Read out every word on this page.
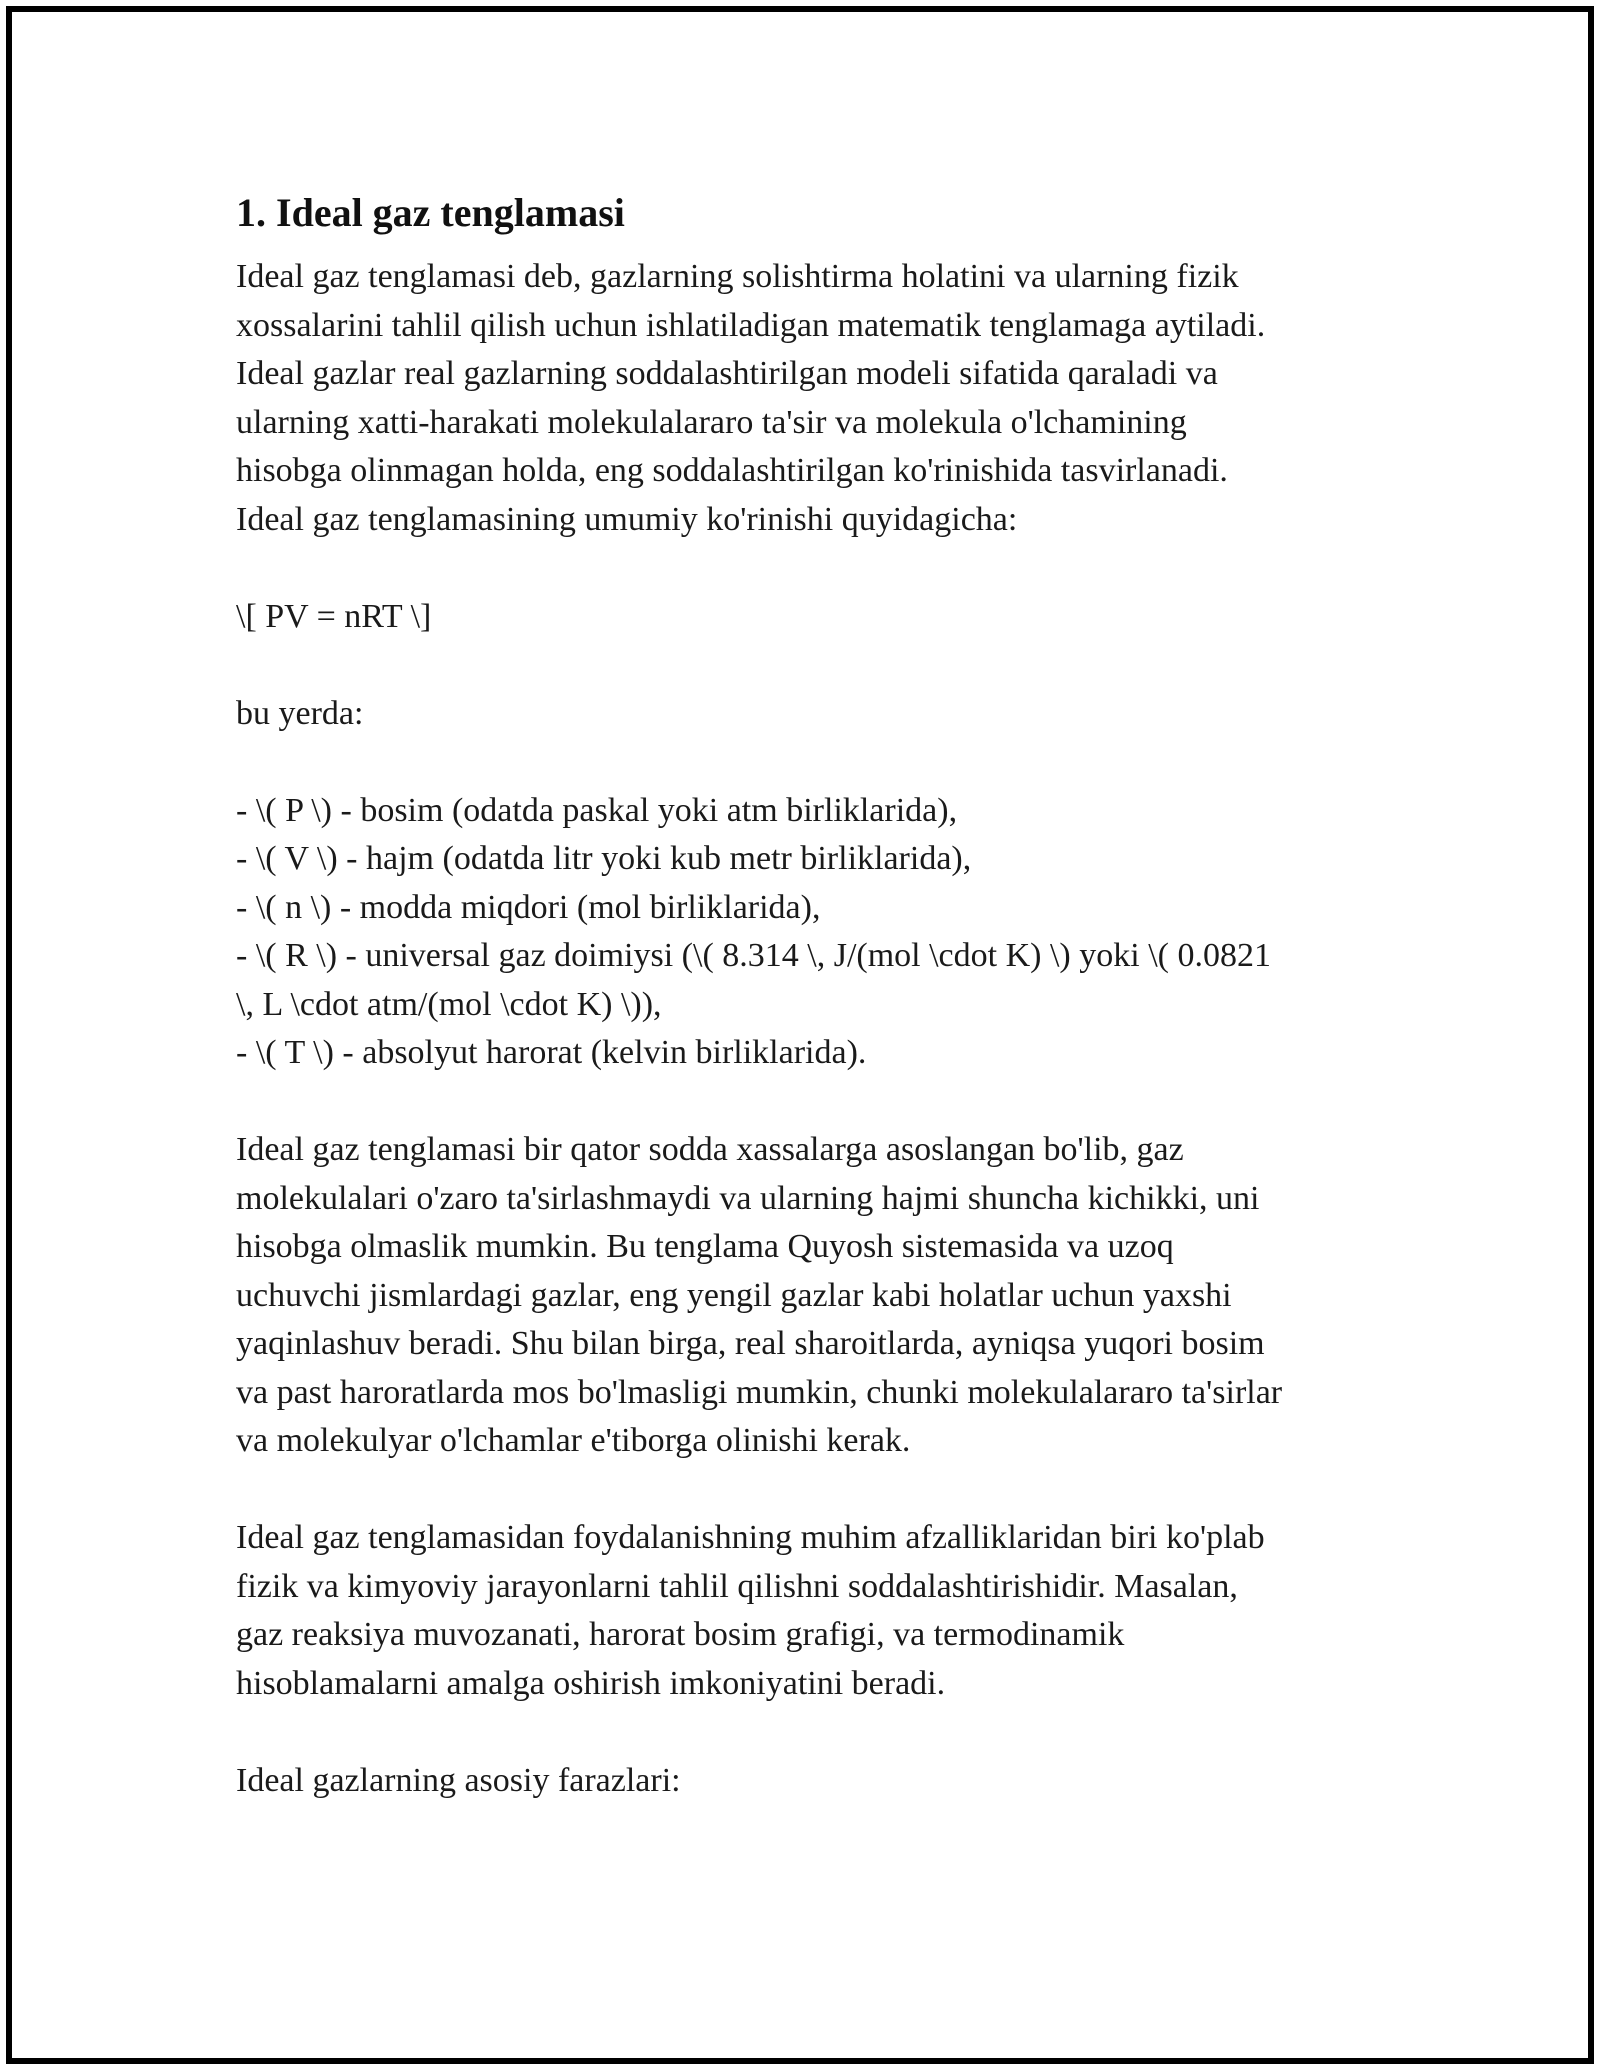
1. Ideal gaz tenglamasi

Ideal gaz tenglamasi deb, gazlarning solishtirma holatini va ularning fizik
xossalarini tahlil qilish uchun ishlatiladigan matematik tenglamaga aytiladi.
Ideal gazlar real gazlarning soddalashtirilgan modeli sifatida qaraladi va
ularning xatti-harakati molekulalararo ta'sir va molekula o'lchamining
hisobga olinmagan holda, eng soddalashtirilgan ko'rinishida tasvirlanadi.
Ideal gaz tenglamasining umumiy ko'rinishi quyidagicha:

\[ PV = nRT \]

bu yerda:

- \( P \) - bosim (odatda paskal yoki atm birliklarida),

- \( V \) - hajm (odatda litr yoki kub metr birliklarida),

- \( n \) - modda miqdori (mol birliklarida),

- \( R \) - universal gaz doimiysi (\( 8.314 \, J/(mol \cdot K) \) yoki \( 0.0821
\, L \cdot atm/(mol \cdot K) \)),

- \( T \) - absolyut harorat (kelvin birliklarida).

Ideal gaz tenglamasi bir qator sodda xassalarga asoslangan bo'lib, gaz
molekulalari o'zaro ta'sirlashmaydi va ularning hajmi shuncha kichikki, uni
hisobga olmaslik mumkin. Bu tenglama Quyosh sistemasida va uzoq
uchuvchi jismlardagi gazlar, eng yengil gazlar kabi holatlar uchun yaxshi
yaqinlashuv beradi. Shu bilan birga, real sharoitlarda, ayniqsa yuqori bosim
va past haroratlarda mos bo'lmasligi mumkin, chunki molekulalararo ta'sirlar
va molekulyar o'lchamlar e'tiborga olinishi kerak.

Ideal gaz tenglamasidan foydalanishning muhim afzalliklaridan biri ko'plab
fizik va kimyoviy jarayonlarni tahlil qilishni soddalashtirishidir. Masalan,
gaz reaksiya muvozanati, harorat bosim grafigi, va termodinamik
hisoblamalarni amalga oshirish imkoniyatini beradi.

Ideal gazlarning asosiy farazlari:
